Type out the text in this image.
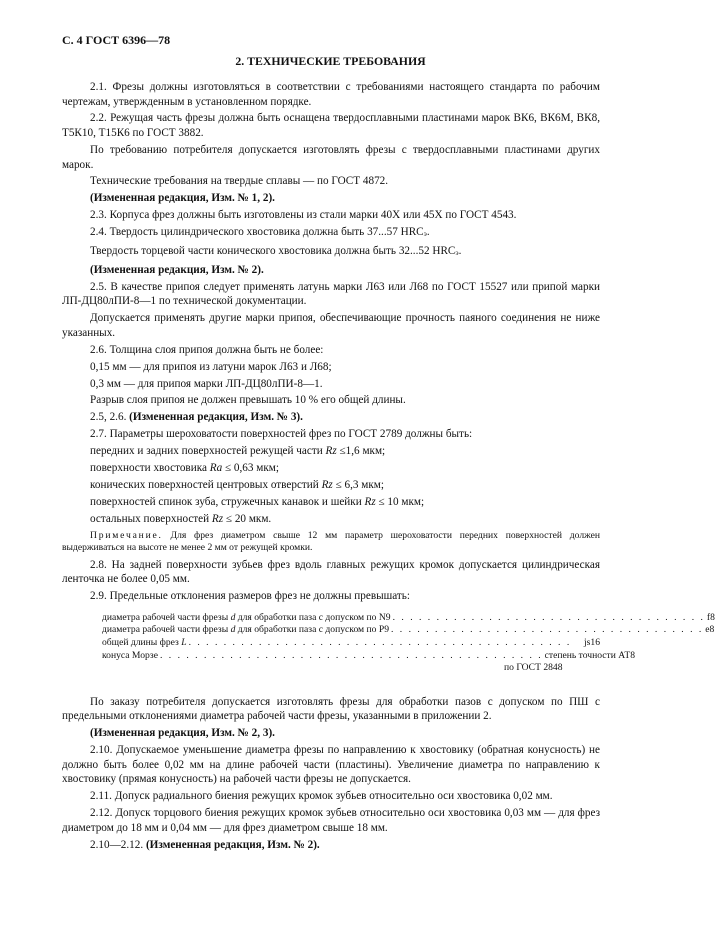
С. 4 ГОСТ 6396—78
2. ТЕХНИЧЕСКИЕ ТРЕБОВАНИЯ

2.1. Фрезы должны изготовляться в соответствии с требованиями настоящего стандарта по рабочим чертежам, утвержденным в установленном порядке.

2.2. Режущая часть фрезы должна быть оснащена твердосплавными пластинами марок ВК6, ВК6М, ВК8, Т5К10, Т15К6 по ГОСТ 3882.

По требованию потребителя допускается изготовлять фрезы с твердосплавными пластинами других марок.

Технические требования на твердые сплавы — по ГОСТ 4872.

(Измененная редакция, Изм. № 1, 2).

2.3. Корпуса фрез должны быть изготовлены из стали марки 40Х или 45Х по ГОСТ 4543.

2.4. Твердость цилиндрического хвостовика должна быть 37...57 HRCэ.

Твердость торцевой части конического хвостовика должна быть 32...52 HRCэ.

(Измененная редакция, Изм. № 2).

2.5. В качестве припоя следует применять латунь марки Л63 или Л68 по ГОСТ 15527 или припой марки ЛП-ДЦ80лПИ-8—1 по технической документации.

Допускается применять другие марки припоя, обеспечивающие прочность паяного соединения не ниже указанных.

2.6. Толщина слоя припоя должна быть не более:

0,15 мм — для припоя из латуни марок Л63 и Л68;

0,3 мм — для припоя марки ЛП-ДЦ80лПИ-8—1.

Разрыв слоя припоя не должен превышать 10 % его общей длины.

2.5, 2.6. (Измененная редакция, Изм. № 3).

2.7. Параметры шероховатости поверхностей фрез по ГОСТ 2789 должны быть:

передних и задних поверхностей режущей части Rz ≤1,6 мкм;

поверхности хвостовика Ra ≤ 0,63 мкм;

конических поверхностей центровых отверстий Rz ≤ 6,3 мкм;

поверхностей спинок зуба, стружечных канавок и шейки Rz ≤ 10 мкм;

остальных поверхностей Rz ≤ 20 мкм.

Примечание. Для фрез диаметром свыше 12 мм параметр шероховатости передних поверхностей должен выдерживаться на высоте не менее 2 мм от режущей кромки.

2.8. На задней поверхности зубьев фрез вдоль главных режущих кромок допускается цилиндрическая ленточка не более 0,05 мм.

2.9. Предельные отклонения размеров фрез не должны превышать:

диаметра рабочей части фрезы d для обработки паза с допуском по N9 . . . . . . . . . . . . . . . . . . . . . . . . . . . . . . . . . . . . f8
диаметра рабочей части фрезы d для обработки паза с допуском по Р9 . . . . . . . . . . . . . . . . . . . . . . . . . . . . . . . . . . . . е8
общей длины фрез L . . . . . . . . . . . . . . . . . . . . . . . . . . . . . . . . . . . . . . . . . . . .	js16
конуса Морзе . . . . . . . . . . . . . . . . . . . . . . . . . . . . . . . . . . . . . . . . . . . . степень точности АТ8
по ГОСТ 2848

По заказу потребителя допускается изготовлять фрезы для обработки пазов с допуском по ПШ с предельными отклонениями диаметра рабочей части фрезы, указанными в приложении 2.

(Измененная редакция, Изм. № 2, 3).

2.10. Допускаемое уменьшение диаметра фрезы по направлению к хвостовику (обратная конусность) не должно быть более 0,02 мм на длине рабочей части (пластины). Увеличение диаметра по направлению к хвостовику (прямая конусность) на рабочей части фрезы не допускается.

2.11. Допуск радиального биения режущих кромок зубьев относительно оси хвостовика 0,02 мм.

2.12. Допуск торцового биения режущих кромок зубьев относительно оси хвостовика 0,03 мм — для фрез диаметром до 18 мм и 0,04 мм — для фрез диаметром свыше 18 мм.

2.10—2.12. (Измененная редакция, Изм. № 2).
